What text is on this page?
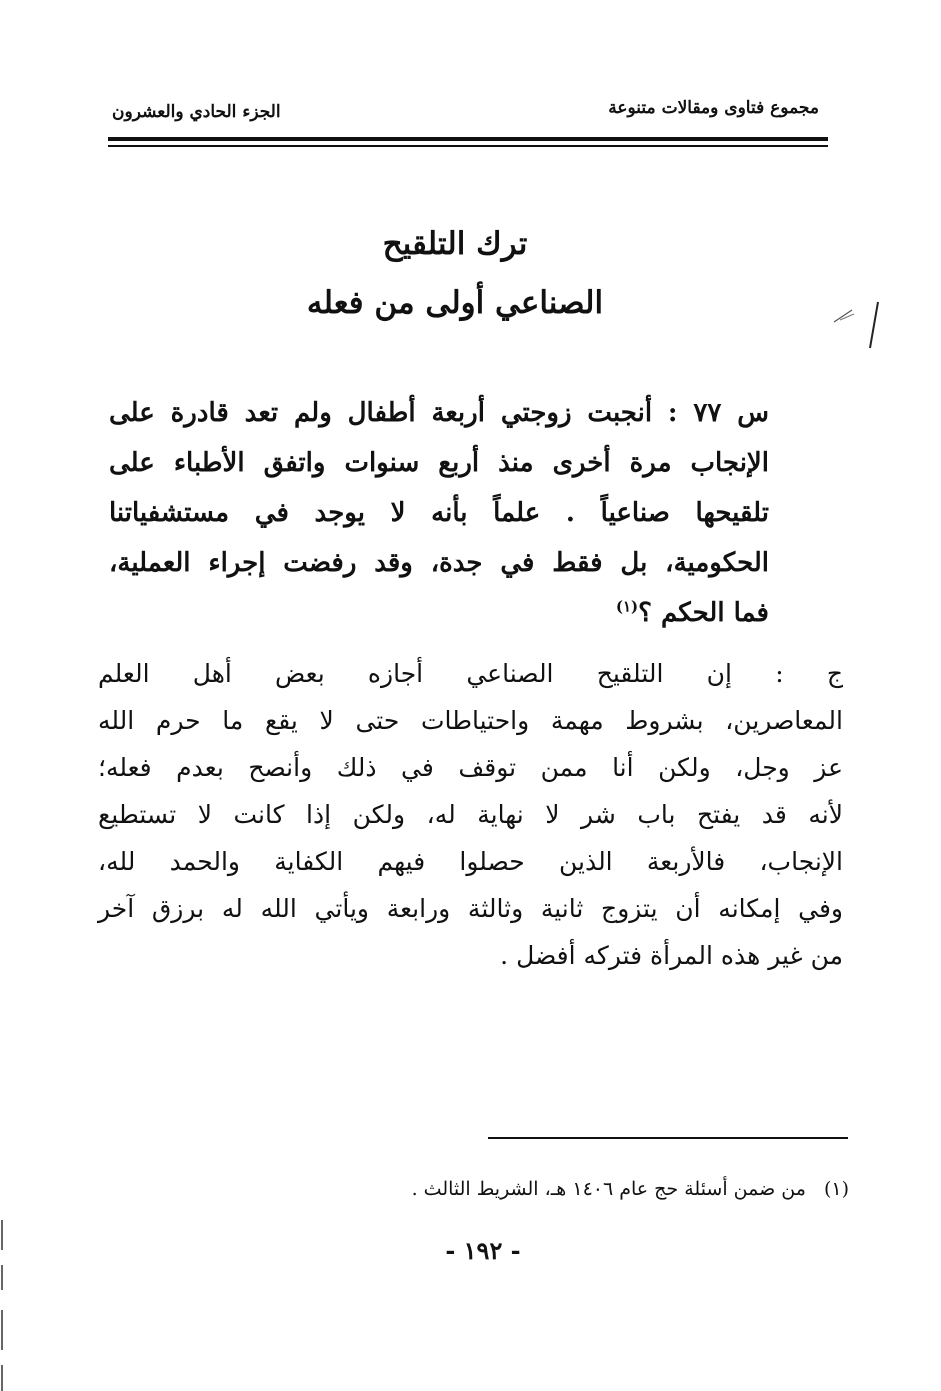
مجموع فتاوى ومقالات متنوعة
الجزء الحادي والعشرون
ترك التلقيح
الصناعي أولى من فعله
س ٧٧ : أنجبت زوجتي أربعة أطفال ولم تعد قادرة على
الإنجاب مرة أخرى منذ أربع سنوات واتفق الأطباء على
تلقيحها صناعياً . علماً بأنه لا يوجد في مستشفياتنا
الحكومية، بل فقط في جدة، وقد رفضت إجراء العملية،
فما الحكم ؟$^{(١)}$
ج : إن التلقيح الصناعي أجازه بعض أهل العلم
المعاصرين، بشروط مهمة واحتياطات حتى لا يقع ما حرم الله
عز وجل، ولكن أنا ممن توقف في ذلك وأنصح بعدم فعله؛
لأنه قد يفتح باب شر لا نهاية له، ولكن إذا كانت لا تستطيع
الإنجاب، فالأربعة الذين حصلوا فيهم الكفاية والحمد لله،
وفي إمكانه أن يتزوج ثانية وثالثة ورابعة ويأتي الله له برزق آخر
من غير هذه المرأة فتركه أفضل .
(١)من ضمن أسئلة حج عام ١٤٠٦ هـ، الشريط الثالث .
- ١٩٢ -
